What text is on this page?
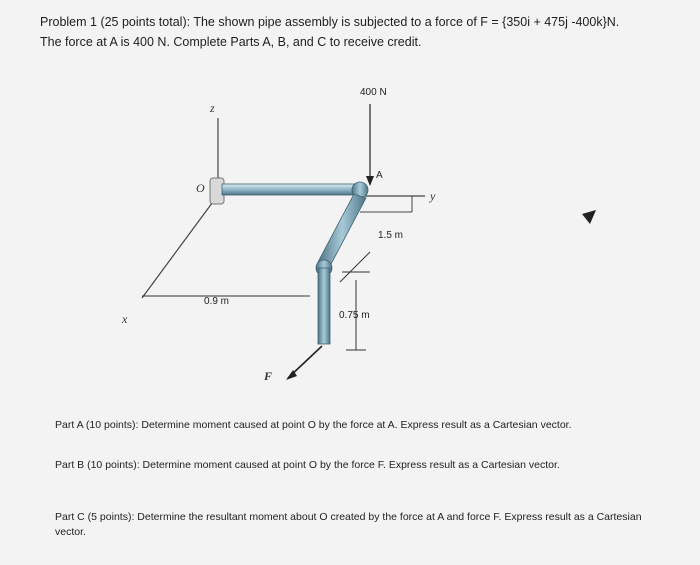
Problem 1 (25 points total): The shown pipe assembly is subjected to a force of F = {350i + 475j -400k}N.
The force at A is 400 N. Complete Parts A, B, and C to receive credit.
z
x
0.9 m
O
y
400 N
A
1.5 m
0.75 m
F
Part A (10 points): Determine moment caused at point O by the force at A. Express result as a Cartesian vector.
Part B (10 points): Determine moment caused at point O by the force F. Express result as a Cartesian vector.
Part C (5 points): Determine the resultant moment about O created by the force at A and force F. Express result as a Cartesian vector.
